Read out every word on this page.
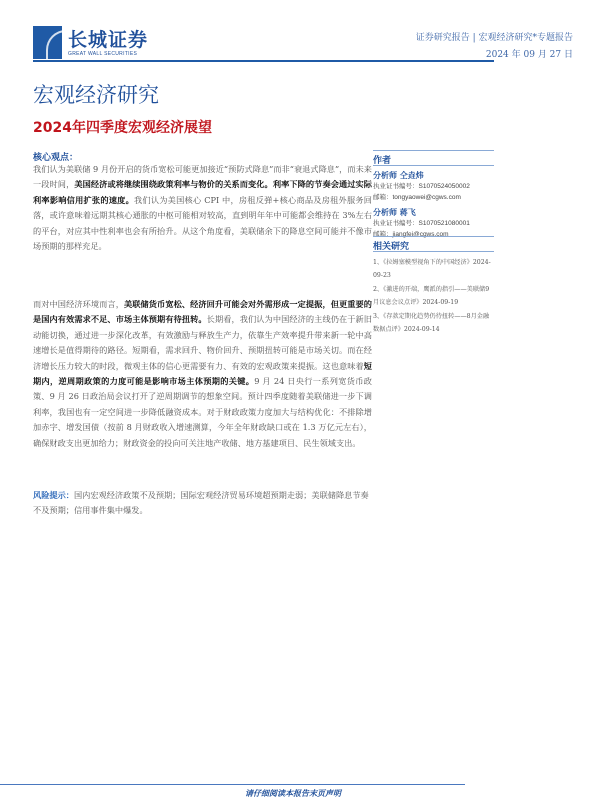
长城证券
GREAT WALL SECURITIES
证券研究报告 | 宏观经济研究*专题报告
2024 年 09 月 27 日
宏观经济研究
2024年四季度宏观经济展望
核心观点：
我们认为美联储 9 月份开启的货币宽松可能更加接近“预防式降息”而非“衰退式降息”，而未来一段时间，美国经济或将继续围绕政策利率与物价的关系而变化。利率下降的节奏会通过实际利率影响信用扩张的速度。我们认为美国核心 CPI 中，房租反弹+核心商品及房租外服务回落，或许意味着远期其核心通胀的中枢可能相对较高，直到明年年中可能都会维持在 3%左右的平台，对应其中性利率也会有所抬升。从这个角度看，美联储余下的降息空间可能并不像市场预期的那样充足。
而对中国经济环境而言，美联储货币宽松、经济回升可能会对外需形成一定提振，但更重要的是国内有效需求不足、市场主体预期有待扭转。长期看，我们认为中国经济的主线仍在于新旧动能切换，通过进一步深化改革，有效激励与释放生产力，依靠生产效率提升带来新一轮中高速增长是值得期待的路径。短期看，需求回升、物价回升、预期扭转可能是市场关切。而在经济增长压力较大的时段，微观主体的信心更需要有力、有效的宏观政策来提振。这也意味着短期内，逆周期政策的力度可能是影响市场主体预期的关键。9 月 24 日央行一系列宽货币政策、9 月 26 日政治局会议打开了逆周期调节的想象空间。预计四季度随着美联储进一步下调利率，我国也有一定空间进一步降低融资成本。对于财政政策力度加大与结构优化：不排除增加赤字、增发国债（按前 8 月财政收入增速测算，今年全年财政缺口或在 1.3 万亿元左右），确保财政支出更加给力；财政资金的投向可关注地产收储、地方基建项目、民生领域支出。
风险提示：国内宏观经济政策不及预期；国际宏观经济贸易环境超预期走弱；美联储降息节奏不及预期；信用事件集中爆发。
作者
分析师 仝垚炜
执业证书编号：S1070524050002
邮箱：tongyaowei@cgws.com
分析师 蒋飞
执业证书编号：S1070521080001
邮箱：jiangfei@cgws.com
相关研究
1、《拉姆塞模型视角下的中国经济》2024-09-23
2、《激进的开端，鹰派的指引——美联储9月议息会议点评》2024-09-19
3、《存款定期化趋势仍待扭转——8月金融数据点评》2024-09-14
请仔细阅读本报告末页声明
